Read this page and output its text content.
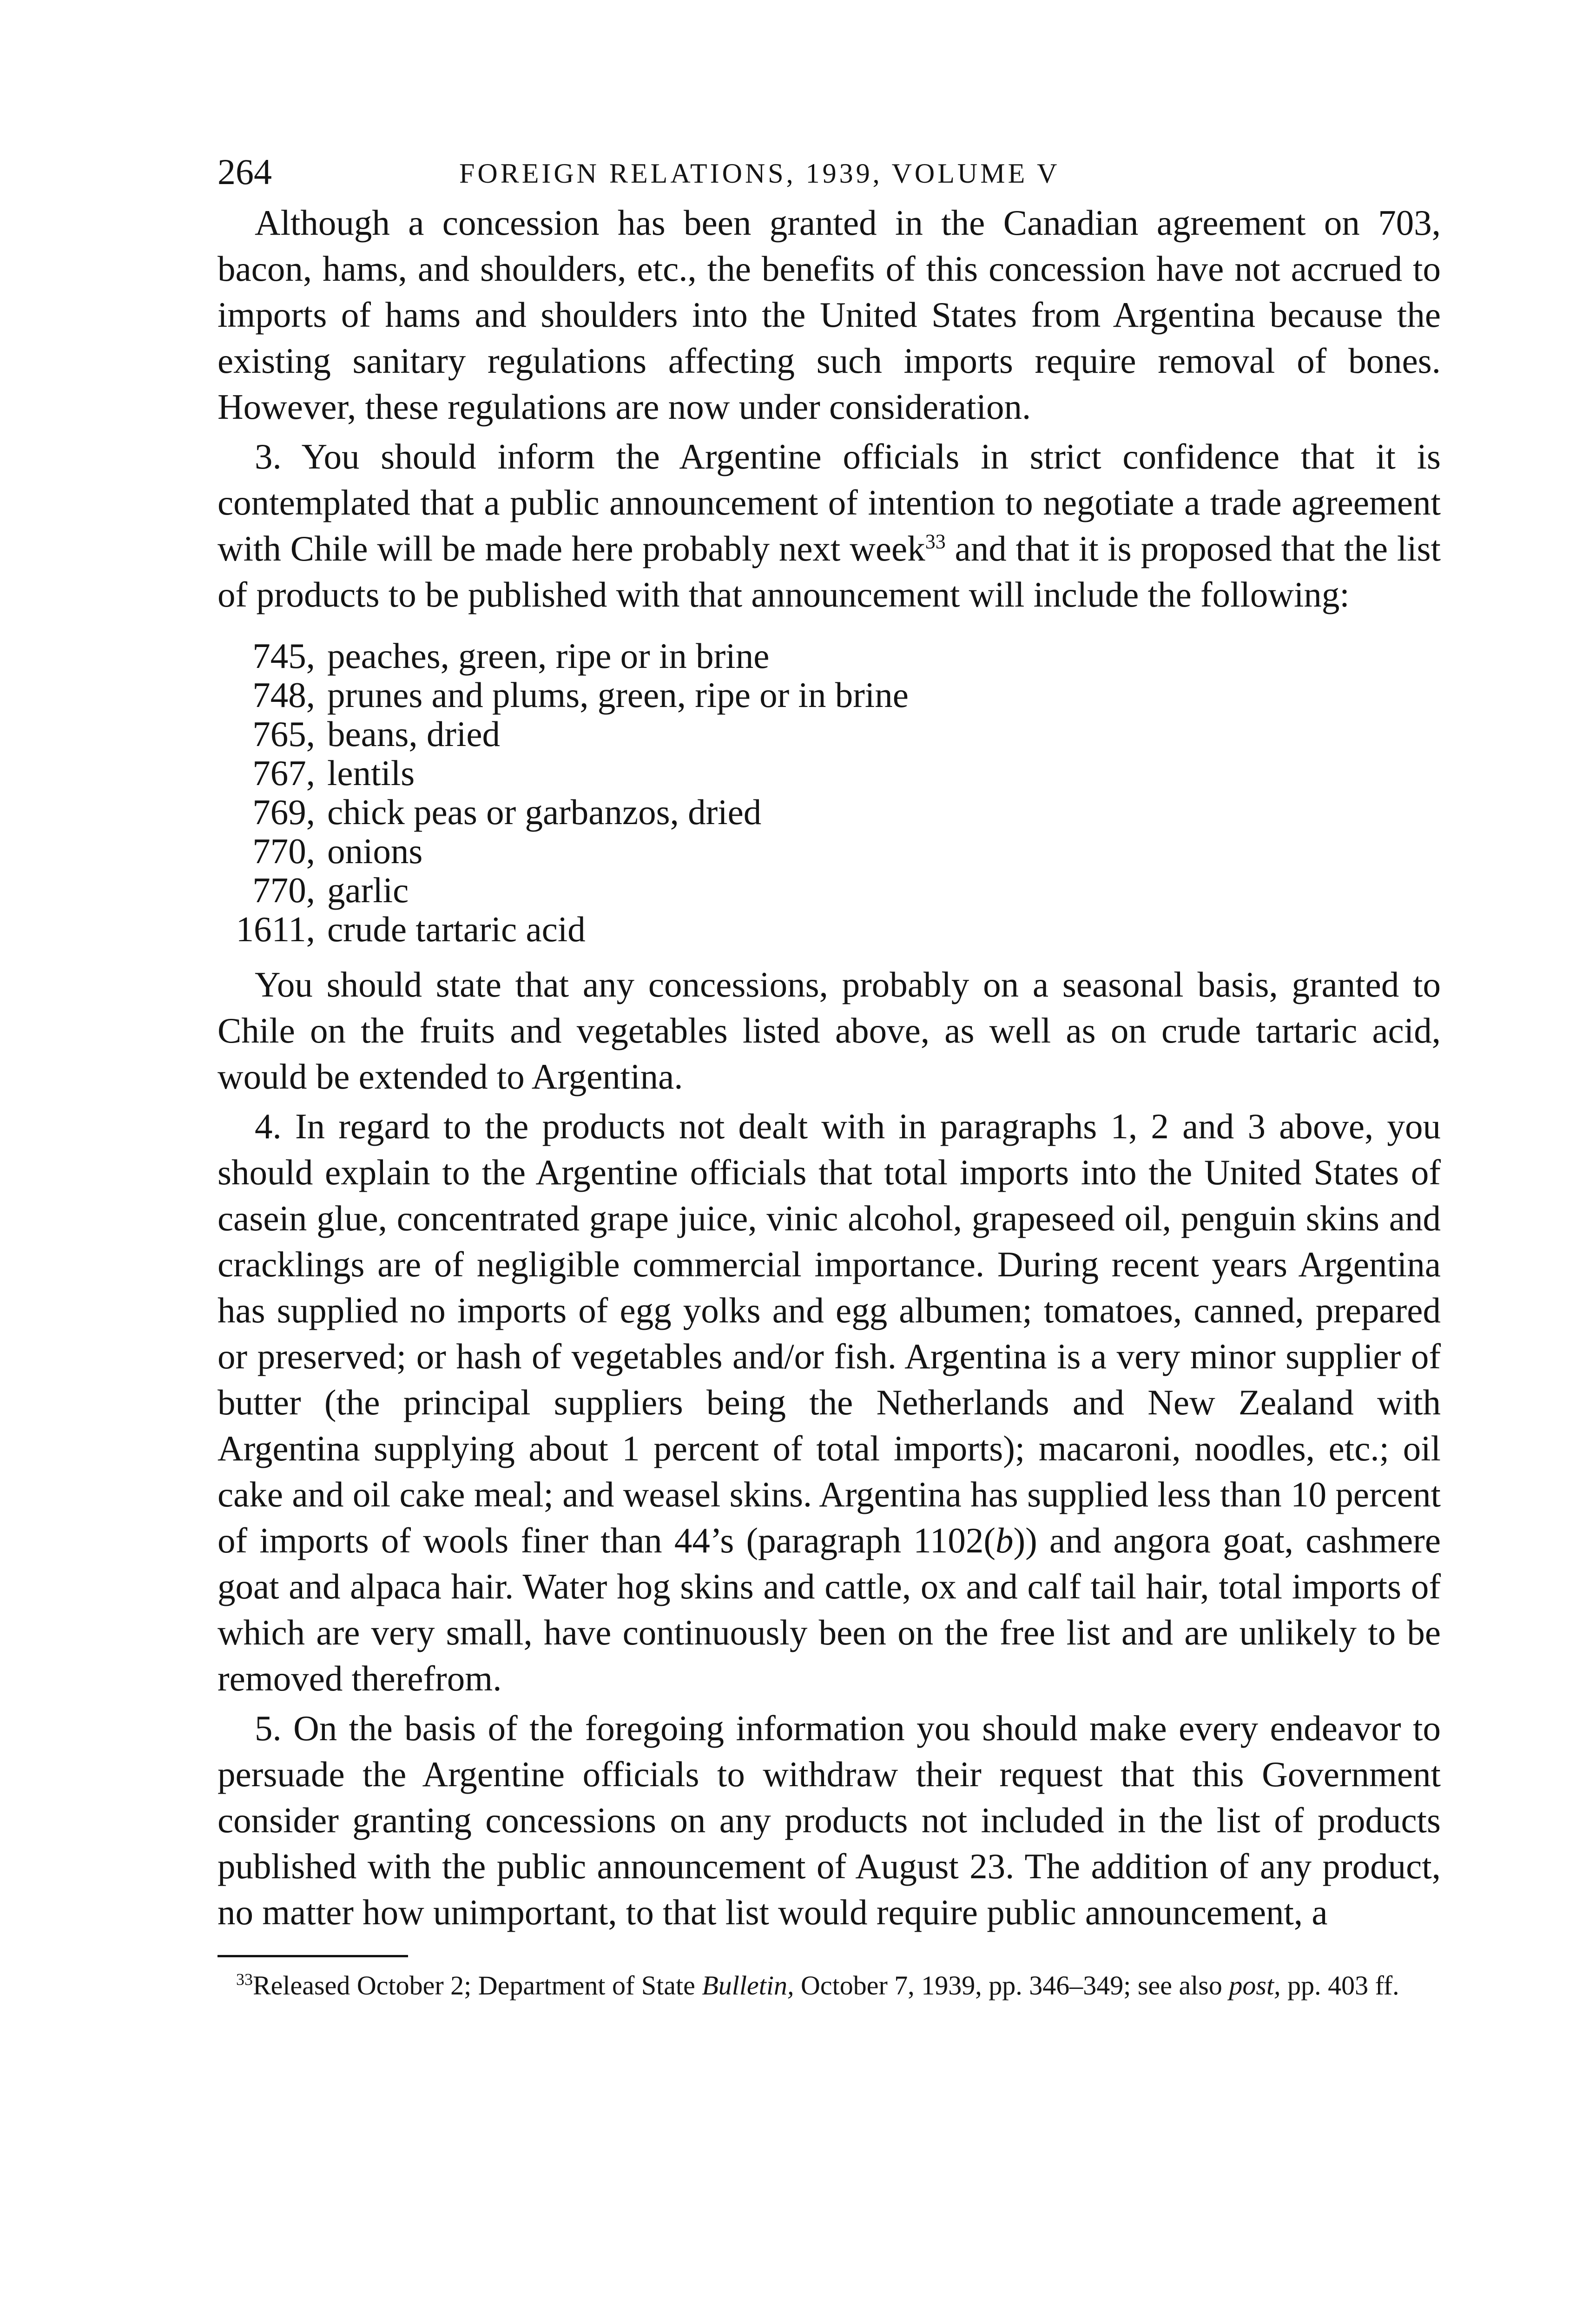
264	FOREIGN RELATIONS, 1939, VOLUME V

Although a concession has been granted in the Canadian agreement on 703, bacon, hams, and shoulders, etc., the benefits of this concession have not accrued to imports of hams and shoulders into the United States from Argentina because the existing sanitary regulations affecting such imports require removal of bones. However, these regulations are now under consideration.

3. You should inform the Argentine officials in strict confidence that it is contemplated that a public announcement of intention to negotiate a trade agreement with Chile will be made here probably next week$^{33}$ and that it is proposed that the list of products to be published with that announcement will include the following:

745, peaches, green, ripe or in brine
748, prunes and plums, green, ripe or in brine
765, beans, dried
767, lentils
769, chick peas or garbanzos, dried
770, onions
770, garlic
1611, crude tartaric acid

You should state that any concessions, probably on a seasonal basis, granted to Chile on the fruits and vegetables listed above, as well as on crude tartaric acid, would be extended to Argentina.

4. In regard to the products not dealt with in paragraphs 1, 2 and 3 above, you should explain to the Argentine officials that total imports into the United States of casein glue, concentrated grape juice, vinic alcohol, grapeseed oil, penguin skins and cracklings are of negligible commercial importance. During recent years Argentina has supplied no imports of egg yolks and egg albumen; tomatoes, canned, prepared or preserved; or hash of vegetables and/or fish. Argentina is a very minor supplier of butter (the principal suppliers being the Netherlands and New Zealand with Argentina supplying about 1 percent of total imports); macaroni, noodles, etc.; oil cake and oil cake meal; and weasel skins. Argentina has supplied less than 10 percent of imports of wools finer than 44’s (paragraph 1102(b)) and angora goat, cashmere goat and alpaca hair. Water hog skins and cattle, ox and calf tail hair, total imports of which are very small, have continuously been on the free list and are unlikely to be removed therefrom.

5. On the basis of the foregoing information you should make every endeavor to persuade the Argentine officials to withdraw their request that this Government consider granting concessions on any products not included in the list of products published with the public announcement of August 23. The addition of any product, no matter how unimportant, to that list would require public announcement, a

$^{33}$Released October 2; Department of State Bulletin, October 7, 1939, pp. 346–349; see also post, pp. 403 ff.
